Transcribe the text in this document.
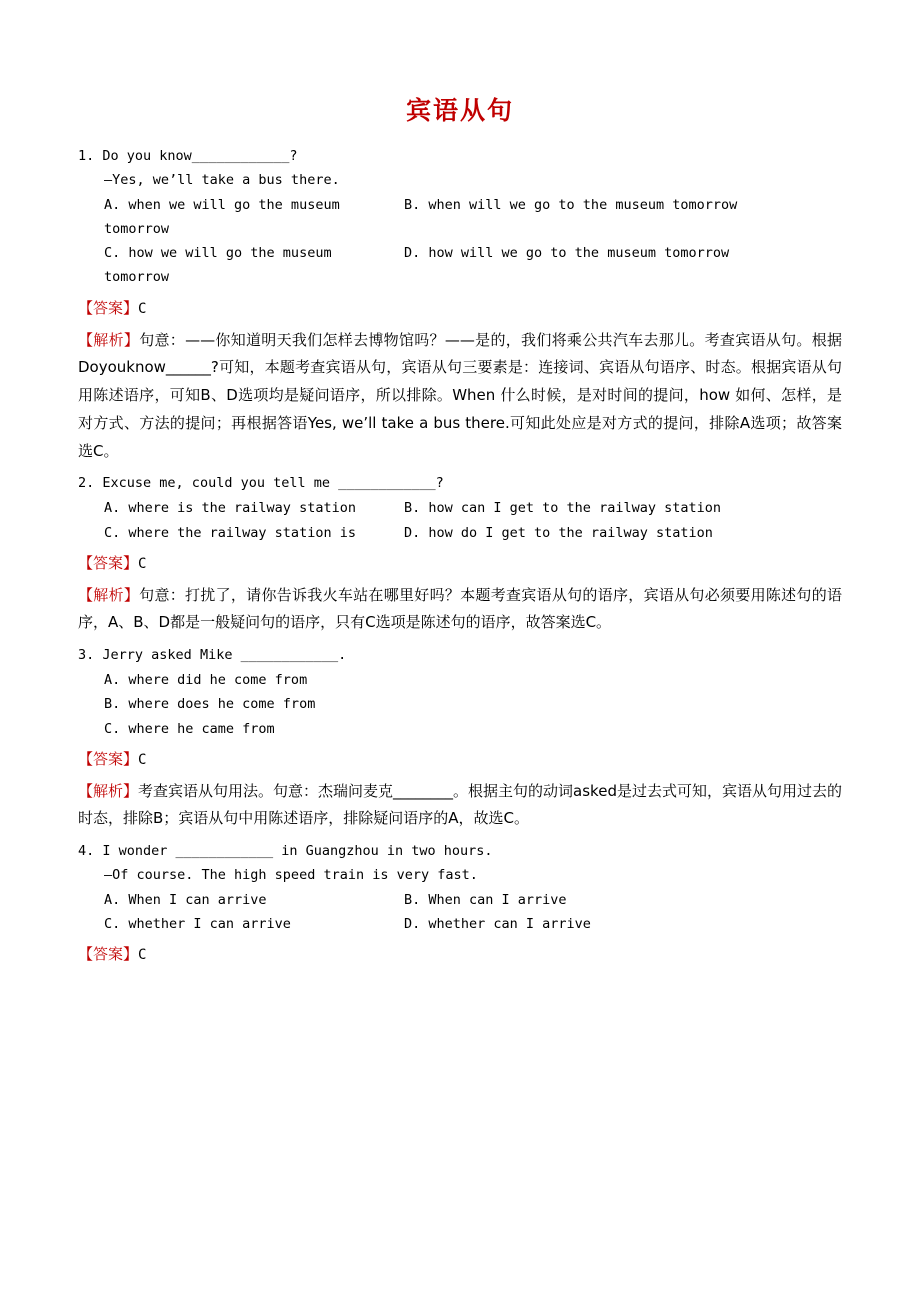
宾语从句
1. Do you know____________?
—Yes, we’ll take a bus there.
A. when we will go the museum tomorrow
B. when will we go to the museum tomorrow
C. how we will go the museum tomorrow
D. how will we go to the museum tomorrow
【答案】C
【解析】句意：——你知道明天我们怎样去博物馆吗？——是的，我们将乘公共汽车去那儿。考查宾语从句。根据Doyouknow______?可知，本题考查宾语从句，宾语从句三要素是：连接词、宾语从句语序、时态。根据宾语从句用陈述语序，可知B、D选项均是疑问语序，所以排除。When 什么时候，是对时间的提问，how 如何、怎样，是对方式、方法的提问；再根据答语Yes, we’ll take a bus there.可知此处应是对方式的提问，排除A选项；故答案选C。
2. Excuse me, could you tell me ____________?
A. where is the railway station	B. how can I get to the railway station
C. where the railway station is	D. how do I get to the railway station
【答案】C
【解析】句意：打扰了，请你告诉我火车站在哪里好吗？本题考查宾语从句的语序，宾语从句必须要用陈述句的语序，A、B、D都是一般疑问句的语序，只有C选项是陈述句的语序，故答案选C。
3. Jerry asked Mike ____________.
A. where did he come from
B. where does he come from
C. where he came from
【答案】C
【解析】考查宾语从句用法。句意：杰瑞问麦克________。根据主句的动词asked是过去式可知，宾语从句用过去的时态，排除B；宾语从句中用陈述语序，排除疑问语序的A，故选C。
4. I wonder ____________ in Guangzhou in two hours.
—Of course. The high speed train is very fast.
A. When I can arrive	B. When can I arrive
C. whether I can arrive	D. whether can I arrive
【答案】C
